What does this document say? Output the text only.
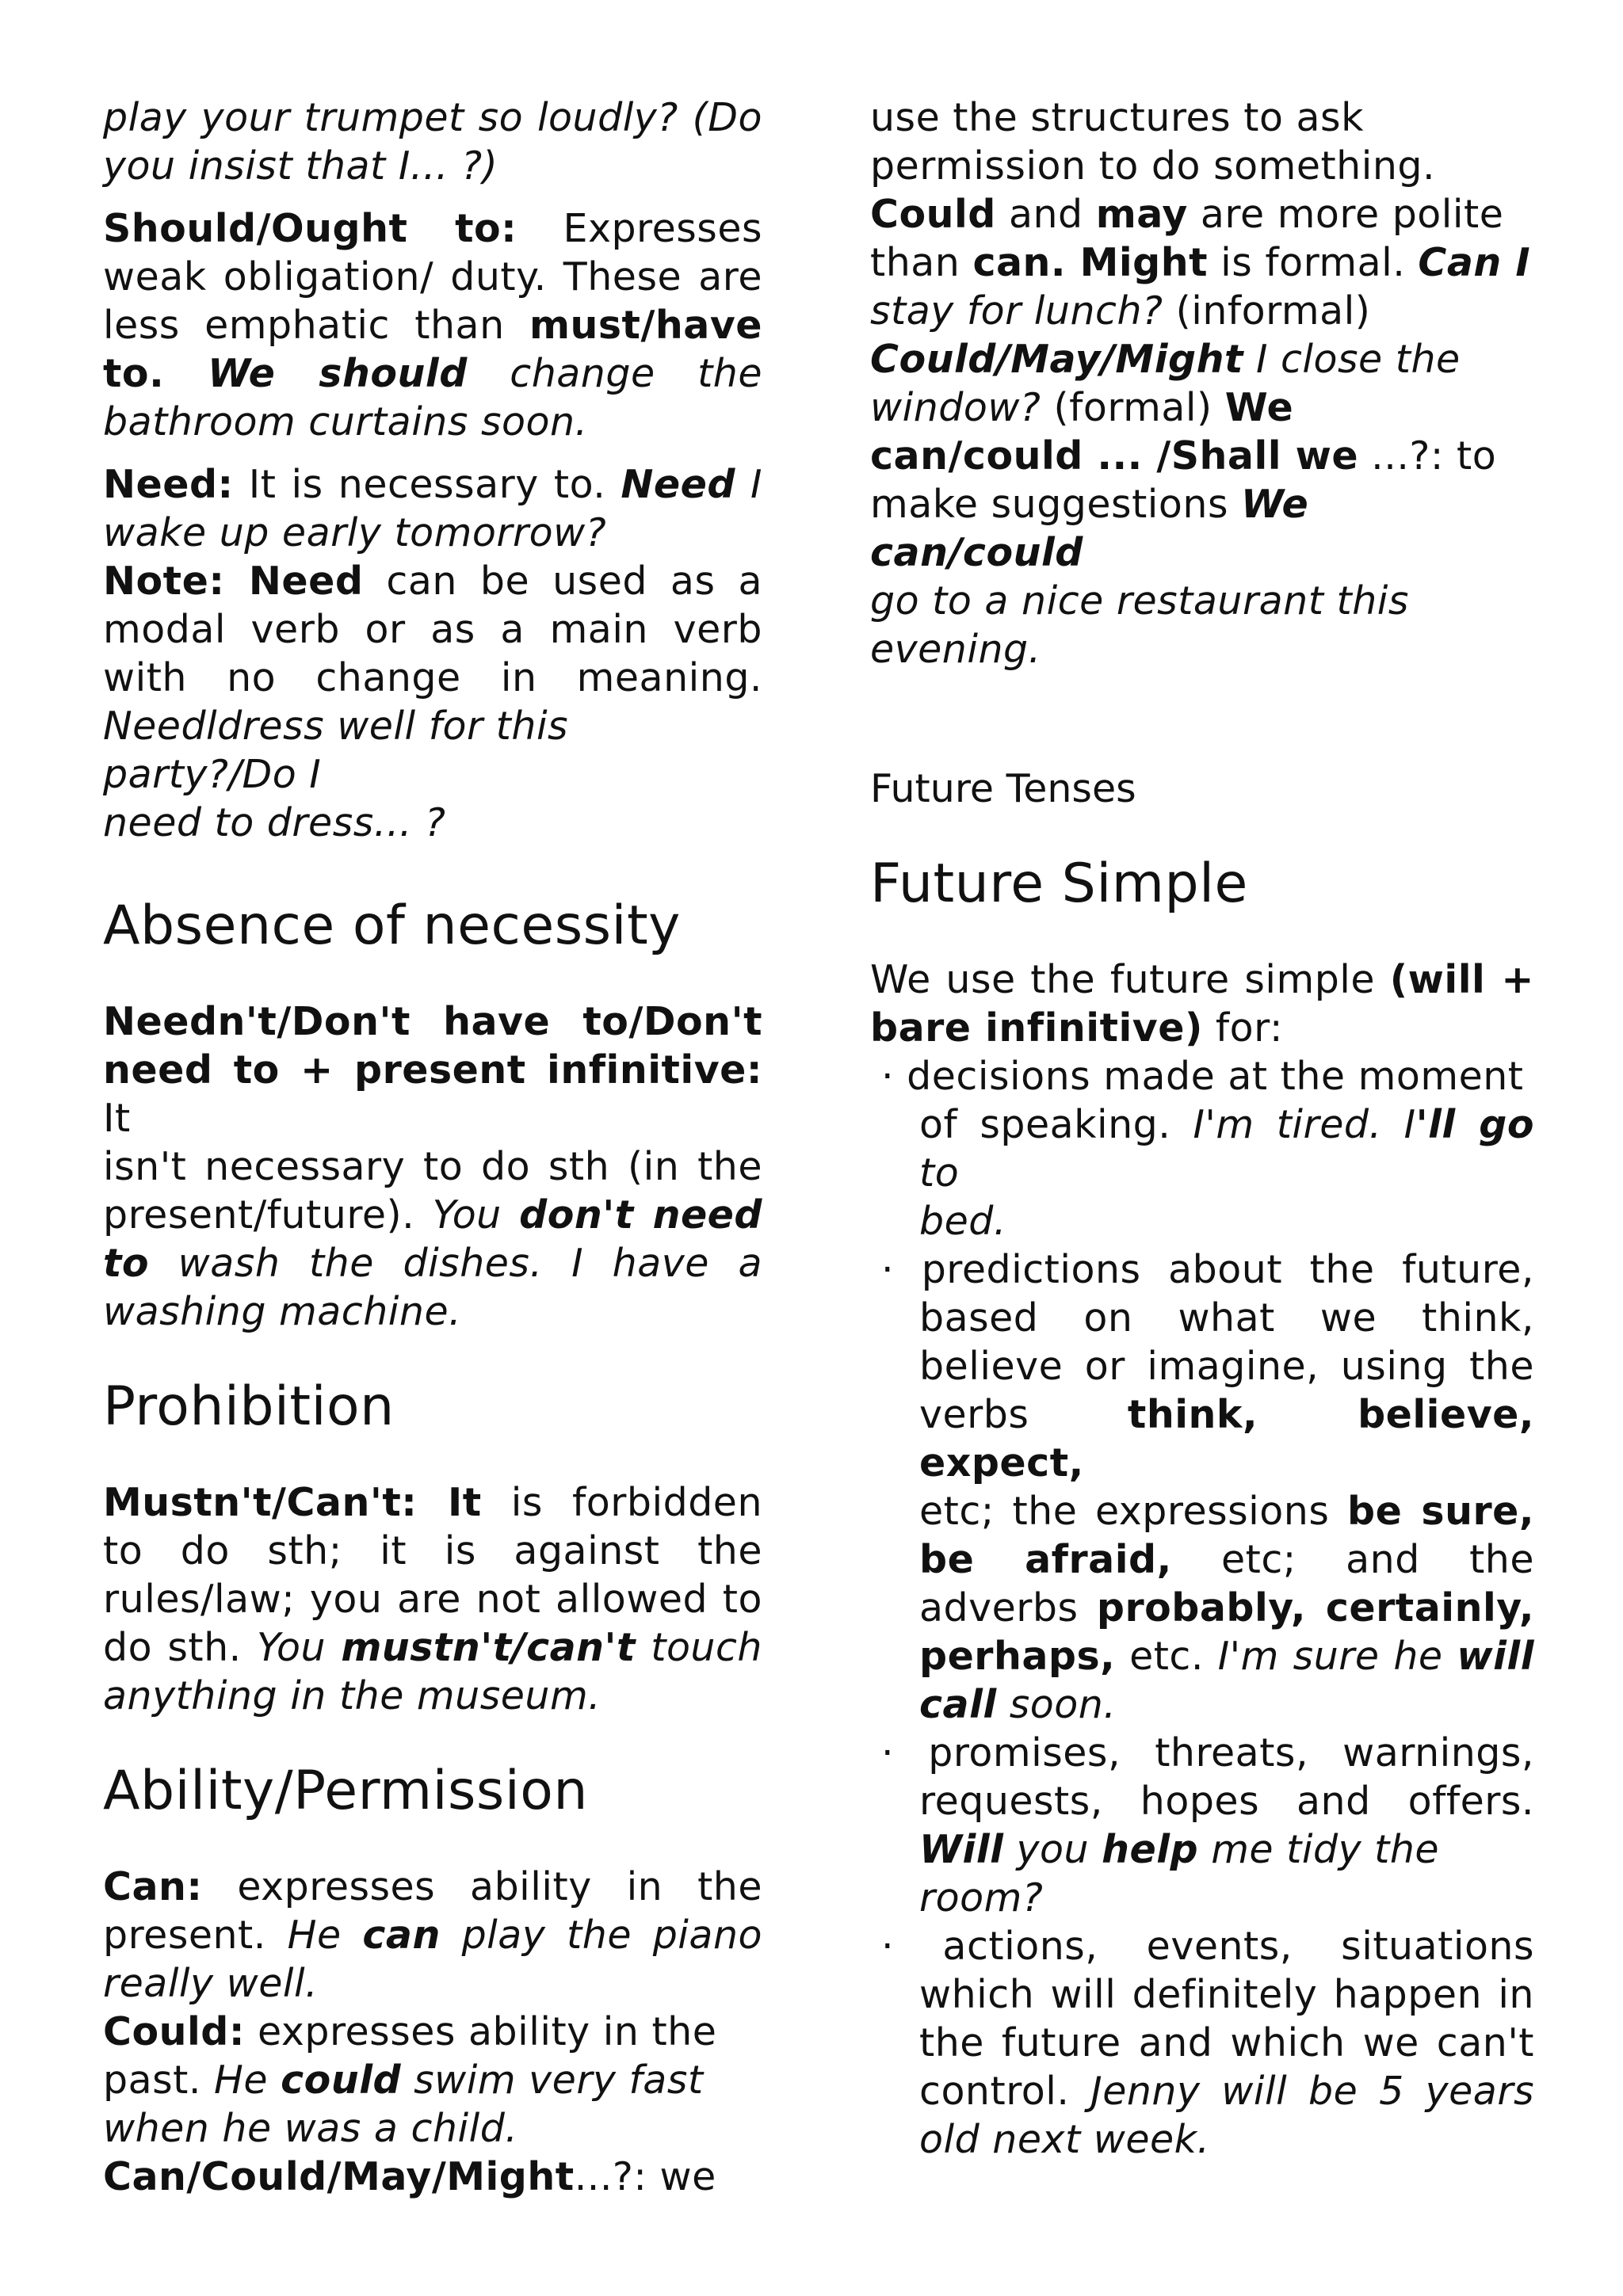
play your trumpet so loudly? (Do

you insist that I... ?)

Should/Ought to: Expresses

weak obligation/ duty. These are

less emphatic than must/have

to. We should change the

bathroom curtains soon.

Need: It is necessary to. Need I

wake up early tomorrow?

Note: Need can be used as a

modal verb or as a main verb

with no change in meaning.

Needldress well for this party?/Do I

need to dress... ?

Absence of necessity

Needn't/Don't have to/Don't

need to + present infinitive: It

isn't necessary to do sth (in the

present/future). You don't need

to wash the dishes. I have a

washing machine.

Prohibition

Mustn't/Can't: It is forbidden

to do sth; it is against the

rules/law; you are not allowed to

do sth. You mustn't/can't touch

anything in the museum.

Ability/Permission

Can: expresses ability in the

present. He can play the piano

really well.

Could: expresses ability in the

past. He could swim very fast

when he was a child.

Can/Could/May/Might...?: we

use the structures to ask

permission to do something.

Could and may are more polite

than can. Might is formal. Can I

stay for lunch? (informal)

Could/May/Might I close the

window? (formal) We

can/could ... /Shall we ...?: to

make suggestions We can/could

go to a nice restaurant this

evening.

Future Tenses

Future Simple

We use the future simple (will +

bare infinitive) for:

· decisions made at the moment

of speaking. I'm tired. I'll go to

bed.

· predictions about the future,

based on what we think,

believe or imagine, using the

verbs think, believe, expect,

etc; the expressions be sure,

be afraid, etc; and the

adverbs probably, certainly,

perhaps, etc. I'm sure he will

call soon.

· promises, threats, warnings,

requests, hopes and offers.

Will you help me tidy the room?

· actions, events, situations

which will definitely happen in

the future and which we can't

control. Jenny will be 5 years

old next week.
